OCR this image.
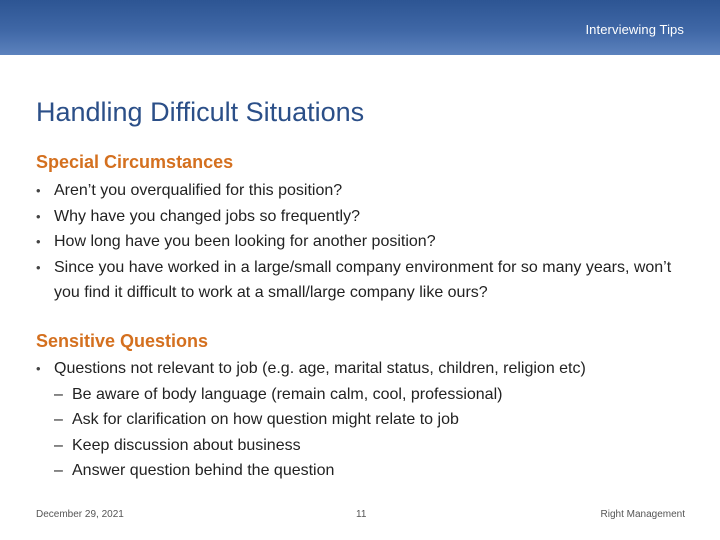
Interviewing Tips
Handling Difficult Situations
Special Circumstances
• Aren’t you overqualified for this position?
• Why have you changed jobs so frequently?
• How long have you been looking for another position?
• Since you have worked in a large/small company environment for so many years, won’t you find it difficult to work at a small/large company like ours?
Sensitive Questions
• Questions not relevant to job (e.g. age, marital status, children, religion etc)
– Be aware of body language (remain calm, cool, professional)
– Ask for clarification on how question might relate to job
– Keep discussion about business
– Answer question behind the question
December 29, 2021	11	Right Management
